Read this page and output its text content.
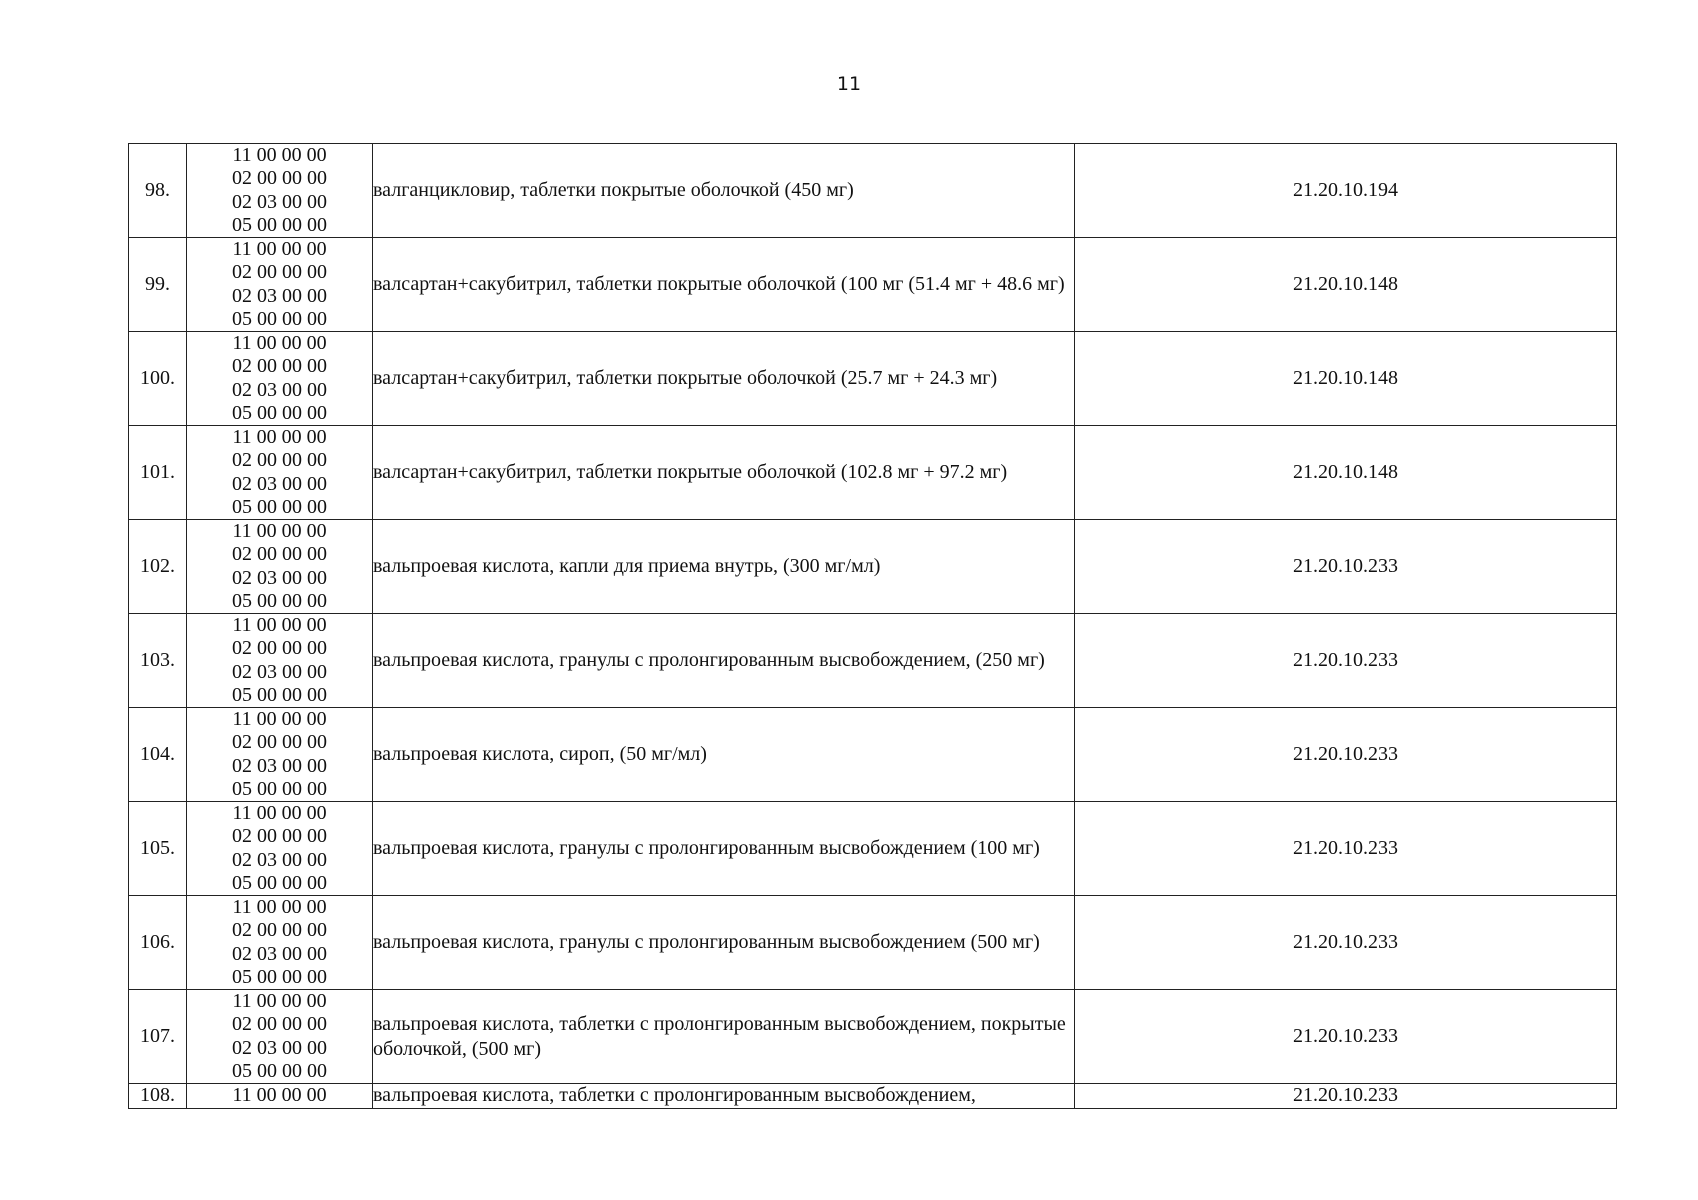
11
98.	11 00 00 00
02 00 00 00
02 03 00 00
05 00 00 00	валганцикловир, таблетки покрытые оболочкой (450 мг)	21.20.10.194
99.	11 00 00 00
02 00 00 00
02 03 00 00
05 00 00 00	валсартан+сакубитрил, таблетки покрытые оболочкой (100 мг (51.4 мг + 48.6 мг)	21.20.10.148
100.	11 00 00 00
02 00 00 00
02 03 00 00
05 00 00 00	валсартан+сакубитрил, таблетки покрытые оболочкой (25.7 мг + 24.3 мг)	21.20.10.148
101.	11 00 00 00
02 00 00 00
02 03 00 00
05 00 00 00	валсартан+сакубитрил, таблетки покрытые оболочкой (102.8 мг + 97.2 мг)	21.20.10.148
102.	11 00 00 00
02 00 00 00
02 03 00 00
05 00 00 00	вальпроевая кислота, капли для приема внутрь, (300 мг/мл)	21.20.10.233
103.	11 00 00 00
02 00 00 00
02 03 00 00
05 00 00 00	вальпроевая кислота, гранулы с пролонгированным высвобождением, (250 мг)	21.20.10.233
104.	11 00 00 00
02 00 00 00
02 03 00 00
05 00 00 00	вальпроевая кислота, сироп, (50 мг/мл)	21.20.10.233
105.	11 00 00 00
02 00 00 00
02 03 00 00
05 00 00 00	вальпроевая кислота, гранулы с пролонгированным высвобождением (100 мг)	21.20.10.233
106.	11 00 00 00
02 00 00 00
02 03 00 00
05 00 00 00	вальпроевая кислота, гранулы с пролонгированным высвобождением (500 мг)	21.20.10.233
107.	11 00 00 00
02 00 00 00
02 03 00 00
05 00 00 00	вальпроевая кислота, таблетки с пролонгированным высвобождением, покрытые оболочкой, (500 мг)	21.20.10.233
108.	11 00 00 00	вальпроевая кислота, таблетки с пролонгированным высвобождением,	21.20.10.233
